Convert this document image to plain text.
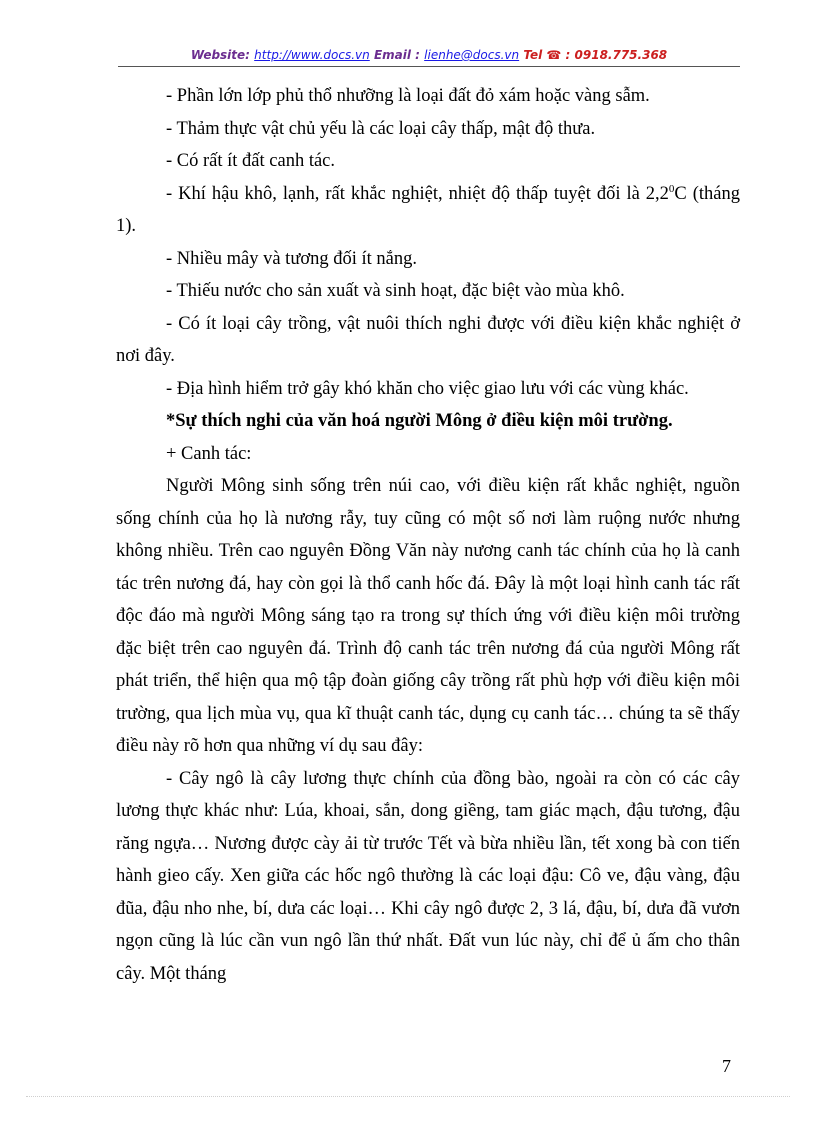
Website: http://www.docs.vn Email : lienhe@docs.vn Tel ☎ : 0918.775.368

- Phần lớn lớp phủ thổ nhưỡng là loại đất đỏ xám hoặc vàng sẫm.

- Thảm thực vật chủ yếu là các loại cây thấp, mật độ thưa.

- Có rất ít đất canh tác.

- Khí hậu khô, lạnh, rất khắc nghiệt, nhiệt độ thấp tuyệt đối là $2,2^0C$ (tháng 1).

- Nhiều mây và tương đối ít nắng.

- Thiếu nước cho sản xuất và sinh hoạt, đặc biệt vào mùa khô.

- Có ít loại cây trồng, vật nuôi thích nghi được với điều kiện khắc nghiệt ở nơi đây.

- Địa hình hiểm trở gây khó khăn cho việc giao lưu với các vùng khác.

*Sự thích nghi của văn hoá người Mông ở điều kiện môi trường.

+ Canh tác:

Người Mông sinh sống trên núi cao, với điều kiện rất khắc nghiệt, nguồn sống chính của họ là nương rẫy, tuy cũng có một số nơi làm ruộng nước nhưng không nhiều. Trên cao nguyên Đồng Văn này nương canh tác chính của họ là canh tác trên nương đá, hay còn gọi là thổ canh hốc đá. Đây là một loại hình canh tác rất độc đáo mà người Mông sáng tạo ra trong sự thích ứng với điều kiện môi trường đặc biệt trên cao nguyên đá. Trình độ canh tác trên nương đá của người Mông rất phát triển, thể hiện qua mộ tập đoàn giống cây trồng rất phù hợp với điều kiện môi trường, qua lịch mùa vụ, qua kĩ thuật canh tác, dụng cụ canh tác… chúng ta sẽ thấy điều này rõ hơn qua những ví dụ sau đây:

- Cây ngô là cây lương thực chính của đồng bào, ngoài ra còn có các cây lương thực khác như: Lúa, khoai, sắn, dong giềng, tam giác mạch, đậu tương, đậu răng ngựa… Nương được cày ải từ trước Tết và bừa nhiều lần, tết xong bà con tiến hành gieo cấy. Xen giữa các hốc ngô thường là các loại đậu: Cô ve, đậu vàng, đậu đũa, đậu nho nhe, bí, dưa các loại… Khi cây ngô được 2, 3 lá, đậu, bí, dưa đã vươn ngọn cũng là lúc cần vun ngô lần thứ nhất. Đất vun lúc này, chỉ để ủ ấm cho thân cây. Một tháng

7
